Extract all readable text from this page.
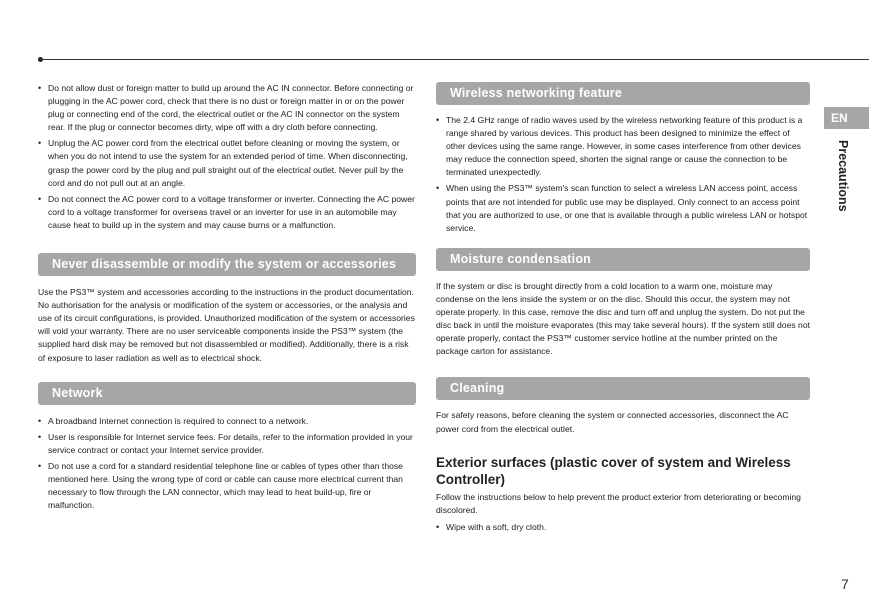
• Do not allow dust or foreign matter to build up around the AC IN connector. Before connecting or plugging in the AC power cord, check that there is no dust or foreign matter in or on the power plug or connecting end of the cord, the electrical outlet or the AC IN connector on the system rear. If the plug or connector becomes dirty, wipe off with a dry cloth before connecting.
• Unplug the AC power cord from the electrical outlet before cleaning or moving the system, or when you do not intend to use the system for an extended period of time. When disconnecting, grasp the power cord by the plug and pull straight out of the electrical outlet. Never pull by the cord and do not pull out at an angle.
• Do not connect the AC power cord to a voltage transformer or inverter. Connecting the AC power cord to a voltage transformer for overseas travel or an inverter for use in an automobile may cause heat to build up in the system and may cause burns or a malfunction.
Never disassemble or modify the system or accessories

Use the PS3™ system and accessories according to the instructions in the product documentation. No authorisation for the analysis or modification of the system or accessories, or the analysis and use of its circuit configurations, is provided. Unauthorized modification of the system or accessories will void your warranty. There are no user serviceable components inside the PS3™ system (the supplied hard disk may be removed but not disassembled or modified). Additionally, there is a risk of exposure to laser radiation as well as to electrical shock.

Network
• A broadband Internet connection is required to connect to a network.
• User is responsible for Internet service fees. For details, refer to the information provided in your service contract or contact your Internet service provider.
• Do not use a cord for a standard residential telephone line or cables of types other than those mentioned here. Using the wrong type of cord or cable can cause more electrical current than necessary to flow through the LAN connector, which may lead to heat build-up, fire or malfunction.
Wireless networking feature
• The 2.4 GHz range of radio waves used by the wireless networking feature of this product is a range shared by various devices. This product has been designed to minimize the effect of other devices using the same range. However, in some cases interference from other devices may reduce the connection speed, shorten the signal range or cause the connection to be terminated unexpectedly.
• When using the PS3™ system's scan function to select a wireless LAN access point, access points that are not intended for public use may be displayed. Only connect to an access point that you are authorized to use, or one that is available through a public wireless LAN or hotspot service.
Moisture condensation

If the system or disc is brought directly from a cold location to a warm one, moisture may condense on the lens inside the system or on the disc. Should this occur, the system may not operate properly. In this case, remove the disc and turn off and unplug the system. Do not put the disc back in until the moisture evaporates (this may take several hours). If the system still does not operate properly, contact the PS3™ customer service hotline at the number printed on the package carton for assistance.

Cleaning

For safety reasons, before cleaning the system or connected accessories, disconnect the AC power cord from the electrical outlet.

Exterior surfaces (plastic cover of system and Wireless Controller)

Follow the instructions below to help prevent the product exterior from deteriorating or becoming discolored.

• Wipe with a soft, dry cloth.
EN
Precautions
7
